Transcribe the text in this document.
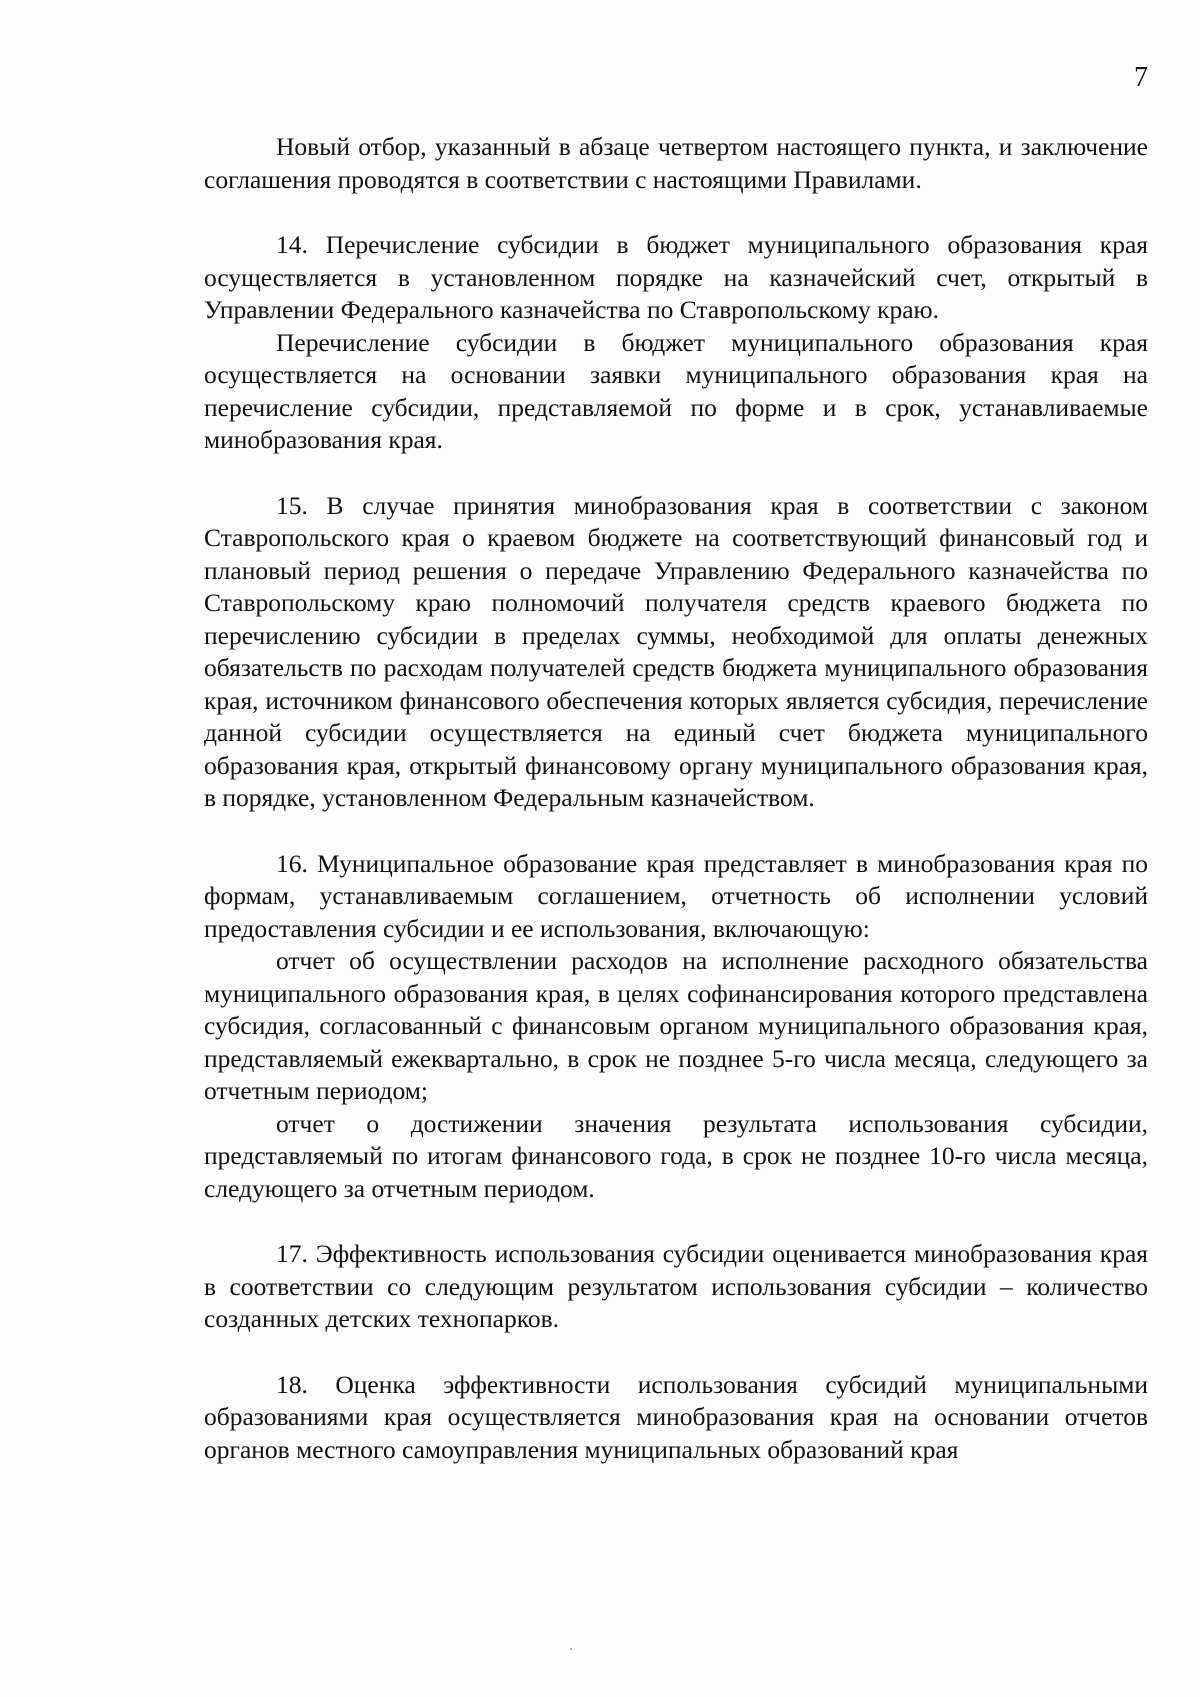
7

Новый отбор, указанный в абзаце четвертом настоящего пункта, и заключение соглашения проводятся в соответствии с настоящими Правилами.

14. Перечисление субсидии в бюджет муниципального образования края осуществляется в установленном порядке на казначейский счет, открытый в Управлении Федерального казначейства по Ставропольскому краю.

Перечисление субсидии в бюджет муниципального образования края осуществляется на основании заявки муниципального образования края на перечисление субсидии, представляемой по форме и в срок, устанавливаемые минобразования края.

15. В случае принятия минобразования края в соответствии с законом Ставропольского края о краевом бюджете на соответствующий финансовый год и плановый период решения о передаче Управлению Федерального казначейства по Ставропольскому краю полномочий получателя средств краевого бюджета по перечислению субсидии в пределах суммы, необходимой для оплаты денежных обязательств по расходам получателей средств бюджета муниципального образования края, источником финансового обеспечения которых является субсидия, перечисление данной субсидии осуществляется на единый счет бюджета муниципального образования края, открытый финансовому органу муниципального образования края, в порядке, установленном Федеральным казначейством.

16. Муниципальное образование края представляет в минобразования края по формам, устанавливаемым соглашением, отчетность об исполнении условий предоставления субсидии и ее использования, включающую:

отчет об осуществлении расходов на исполнение расходного обязательства муниципального образования края, в целях софинансирования которого представлена субсидия, согласованный с финансовым органом муниципального образования края, представляемый ежеквартально, в срок не позднее 5-го числа месяца, следующего за отчетным периодом;

отчет о достижении значения результата использования субсидии, представляемый по итогам финансового года, в срок не позднее 10-го числа месяца, следующего за отчетным периодом.

17. Эффективность использования субсидии оценивается минобразования края в соответствии со следующим результатом использования субсидии – количество созданных детских технопарков.

18. Оценка эффективности использования субсидий муниципальными образованиями края осуществляется минобразования края на основании отчетов органов местного самоуправления муниципальных образований края
